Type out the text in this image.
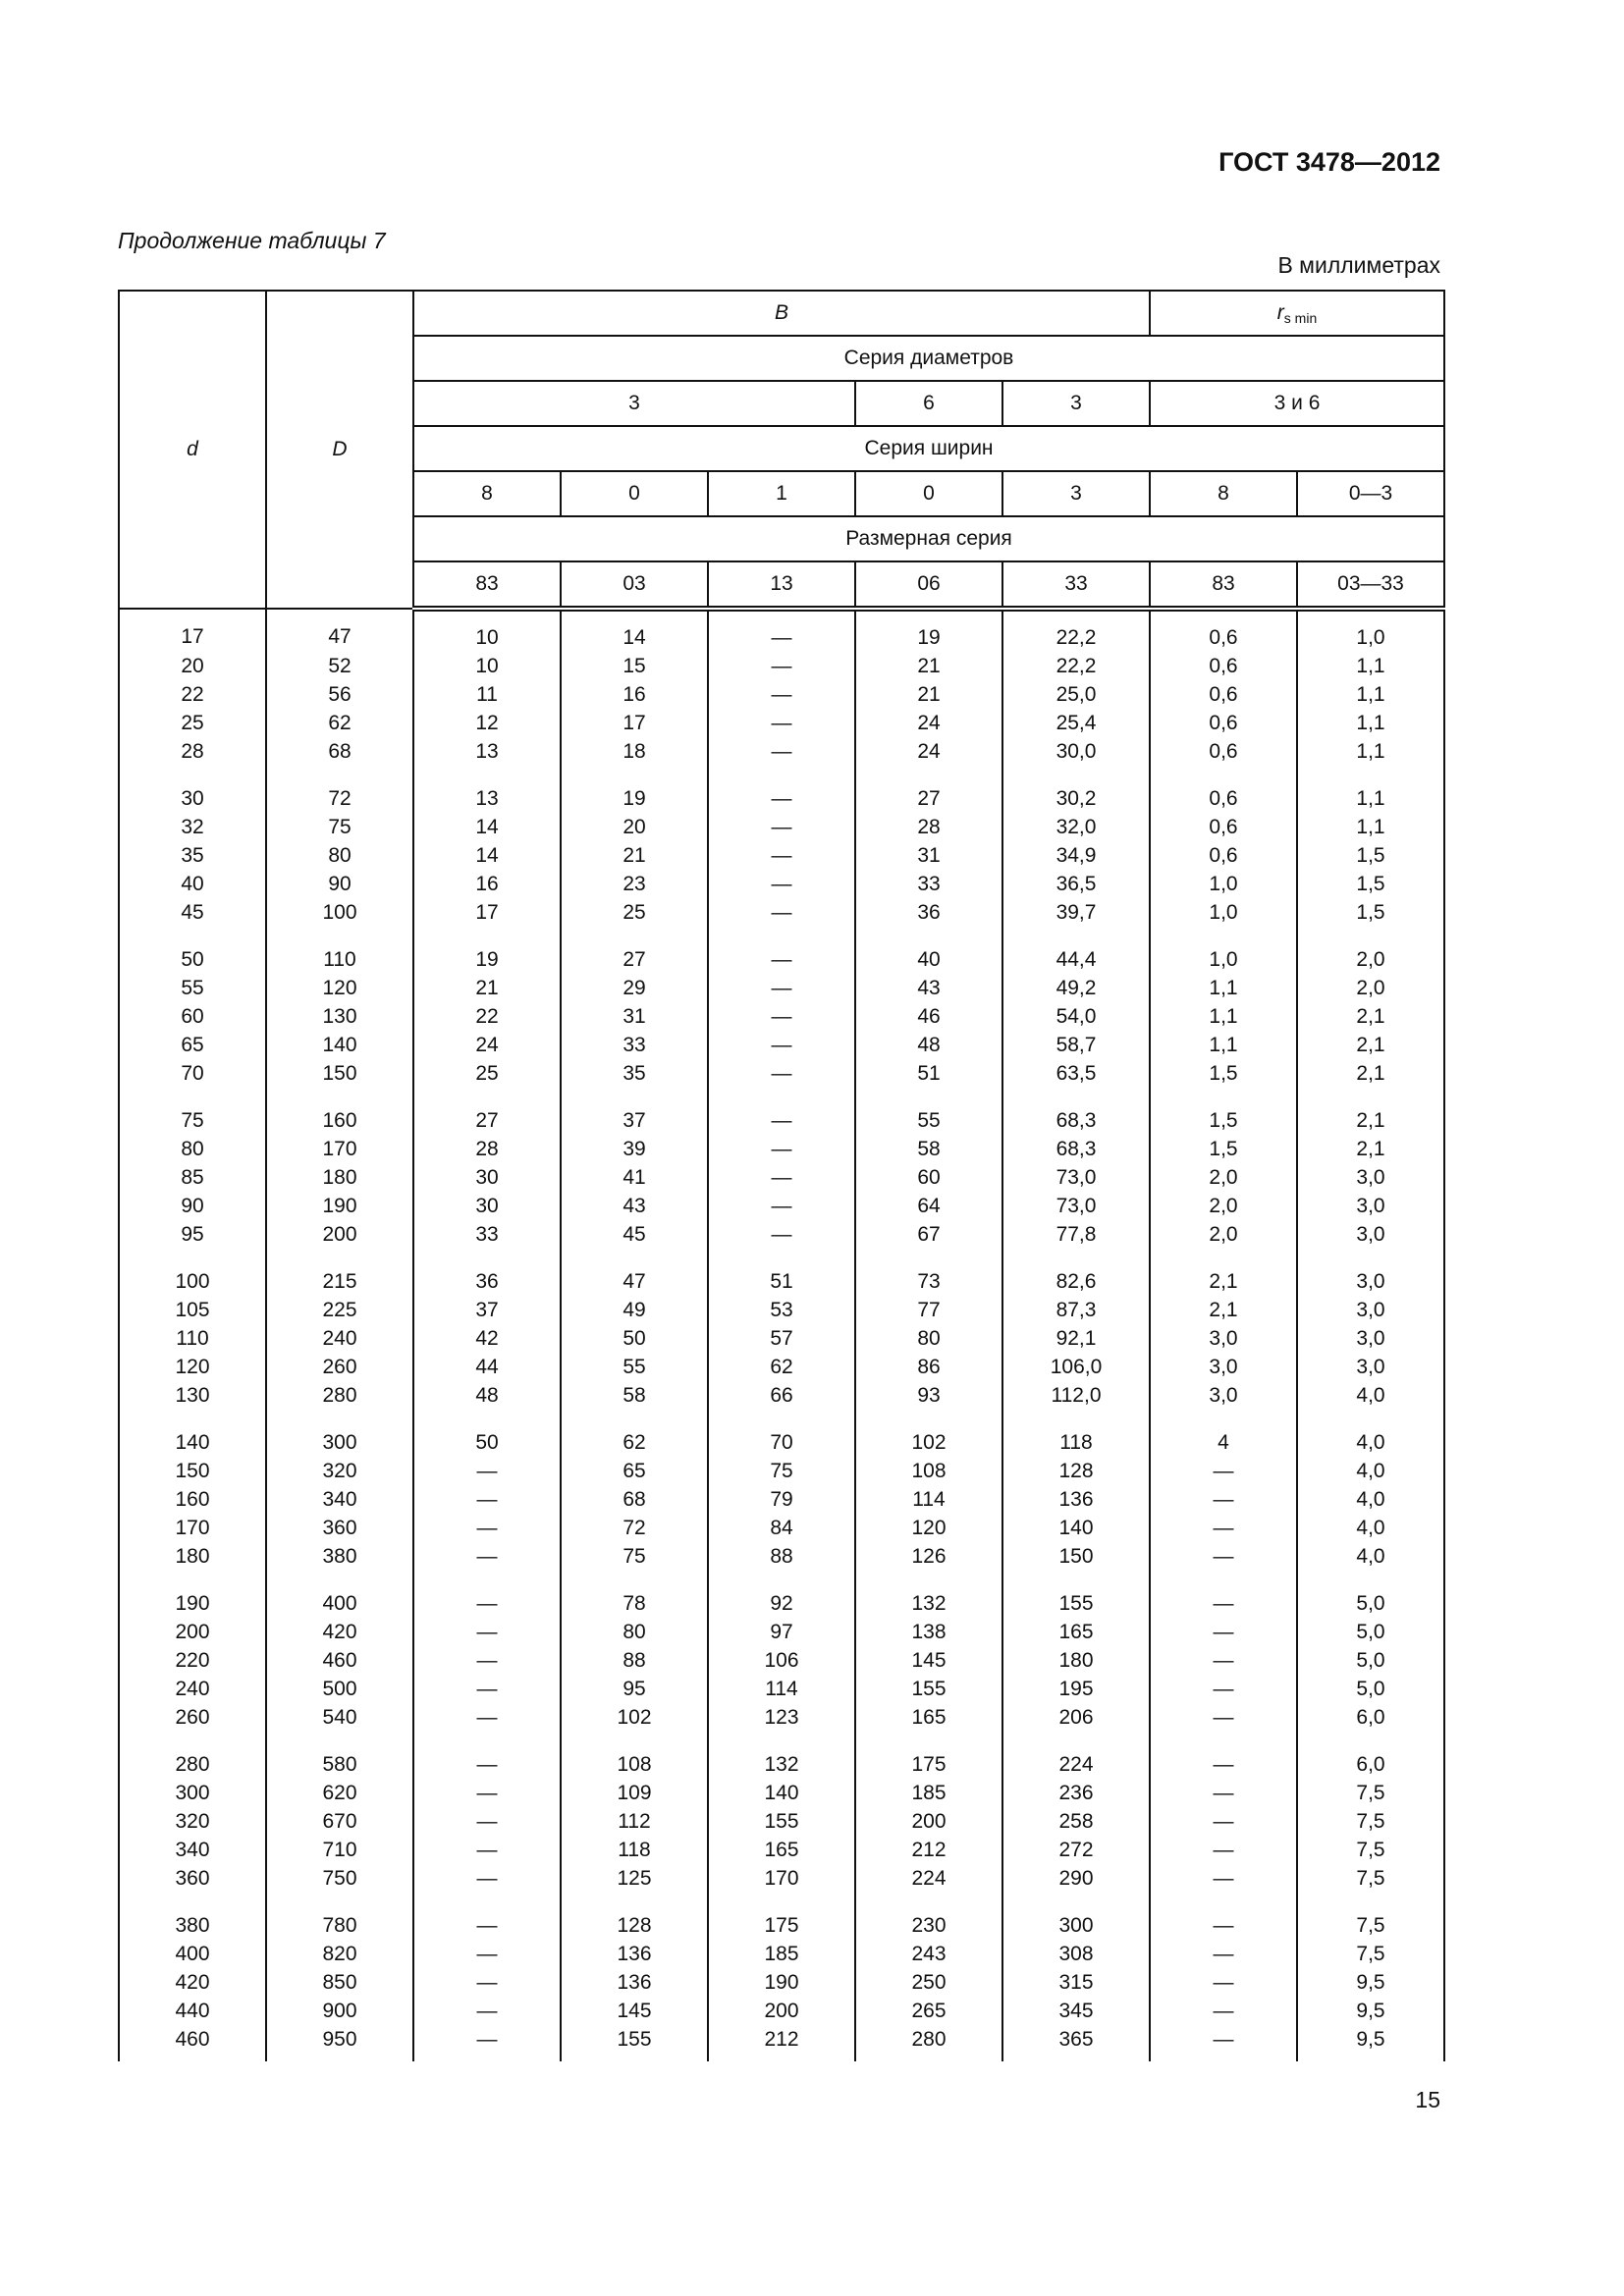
ГОСТ 3478—2012
Продолжение таблицы 7
В миллиметрах
d	D	B					$r_{s min}$
		Серия диаметров						
		3			6	3	3 и 6	
		Серия ширин						
		8	0	1	0	3	8	0—3
		Размерная серия						
		83	03	13	06	33	83	03—33
17	47	10	14	—	19	22,2	0,6	1,0
20	52	10	15	—	21	22,2	0,6	1,1
22	56	11	16	—	21	25,0	0,6	1,1
25	62	12	17	—	24	25,4	0,6	1,1
28	68	13	18	—	24	30,0	0,6	1,1
30	72	13	19	—	27	30,2	0,6	1,1
32	75	14	20	—	28	32,0	0,6	1,1
35	80	14	21	—	31	34,9	0,6	1,5
40	90	16	23	—	33	36,5	1,0	1,5
45	100	17	25	—	36	39,7	1,0	1,5
50	110	19	27	—	40	44,4	1,0	2,0
55	120	21	29	—	43	49,2	1,1	2,0
60	130	22	31	—	46	54,0	1,1	2,1
65	140	24	33	—	48	58,7	1,1	2,1
70	150	25	35	—	51	63,5	1,5	2,1
75	160	27	37	—	55	68,3	1,5	2,1
80	170	28	39	—	58	68,3	1,5	2,1
85	180	30	41	—	60	73,0	2,0	3,0
90	190	30	43	—	64	73,0	2,0	3,0
95	200	33	45	—	67	77,8	2,0	3,0
100	215	36	47	51	73	82,6	2,1	3,0
105	225	37	49	53	77	87,3	2,1	3,0
110	240	42	50	57	80	92,1	3,0	3,0
120	260	44	55	62	86	106,0	3,0	3,0
130	280	48	58	66	93	112,0	3,0	4,0
140	300	50	62	70	102	118	4	4,0
150	320	—	65	75	108	128	—	4,0
160	340	—	68	79	114	136	—	4,0
170	360	—	72	84	120	140	—	4,0
180	380	—	75	88	126	150	—	4,0
190	400	—	78	92	132	155	—	5,0
200	420	—	80	97	138	165	—	5,0
220	460	—	88	106	145	180	—	5,0
240	500	—	95	114	155	195	—	5,0
260	540	—	102	123	165	206	—	6,0
280	580	—	108	132	175	224	—	6,0
300	620	—	109	140	185	236	—	7,5
320	670	—	112	155	200	258	—	7,5
340	710	—	118	165	212	272	—	7,5
360	750	—	125	170	224	290	—	7,5
380	780	—	128	175	230	300	—	7,5
400	820	—	136	185	243	308	—	7,5
420	850	—	136	190	250	315	—	9,5
440	900	—	145	200	265	345	—	9,5
460	950	—	155	212	280	365	—	9,5
15
